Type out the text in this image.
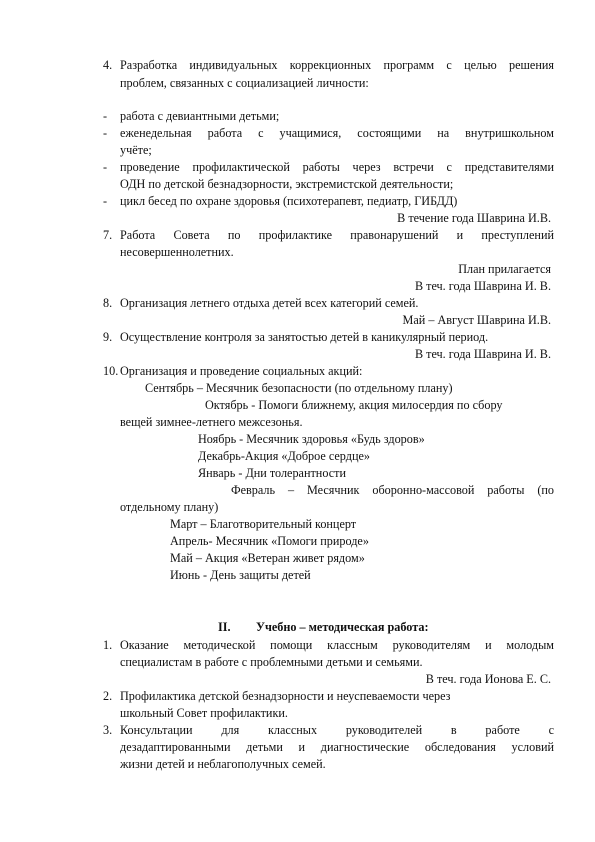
4. Разработка индивидуальных коррекционных программ с целью решения
проблем, связанных с социализацией личности:
- работа с девиантными детьми;
- еженедельная работа с учащимися, состоящими на внутришкольном
учёте;
- проведение профилактической работы через встречи с представителями
ОДН по детской безнадзорности, экстремистской деятельности;
- цикл бесед по охране здоровья (психотерапевт, педиатр, ГИБДД)
В течение года Шаврина И.В.
7. Работа Совета по профилактике правонарушений и преступлений
несовершеннолетних.
План прилагается
В теч. года Шаврина И. В.
8. Организация летнего отдыха детей всех категорий семей.
Май – Август Шаврина И.В.
9. Осуществление контроля за занятостью детей в каникулярный период.
В теч. года Шаврина И. В.
10. Организация и проведение социальных акций:
Сентябрь – Месячник безопасности (по отдельному плану)
Октябрь - Помоги ближнему, акция милосердия по сбору
вещей зимнее-летнего межсезонья.
Ноябрь - Месячник здоровья «Будь здоров»
Декабрь-Акция «Доброе сердце»
Январь - Дни толерантности
Февраль – Месячник оборонно-массовой работы (по
отдельному плану)
Март – Благотворительный концерт
Апрель- Месячник «Помоги природе»
Май – Акция «Ветеран живет рядом»
Июнь - День защиты детей
II. Учебно – методическая работа:
1. Оказание методической помощи классным руководителям и молодым
специалистам в работе с проблемными детьми и семьями.
В теч. года Ионова Е. С.
2. Профилактика детской безнадзорности и неуспеваемости через
школьный Совет профилактики.
3. Консультации для классных руководителей в работе с
дезадаптированными детьми и диагностические обследования условий
жизни детей и неблагополучных семей.
